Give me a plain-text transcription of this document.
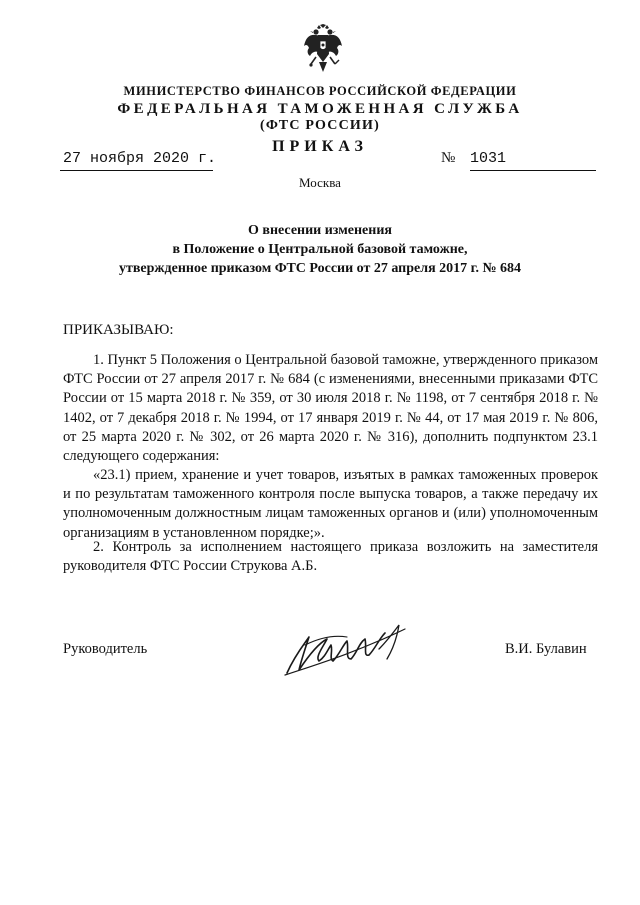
МИНИСТЕРСТВО ФИНАНСОВ РОССИЙСКОЙ ФЕДЕРАЦИИ
ФЕДЕРАЛЬНАЯ ТАМОЖЕННАЯ СЛУЖБА
(ФТС РОССИИ)
ПРИКАЗ
27 ноября 2020 г.	№ 1031
Москва
О внесении изменения
в Положение о Центральной базовой таможне,
утвержденное приказом ФТС России от 27 апреля 2017 г. № 684
ПРИКАЗЫВАЮ:
1. Пункт 5 Положения о Центральной базовой таможне, утвержденного приказом ФТС России от 27 апреля 2017 г. № 684 (с изменениями, внесенными приказами ФТС России от 15 марта 2018 г. № 359, от 30 июля 2018 г. № 1198, от 7 сентября 2018 г. № 1402, от 7 декабря 2018 г. № 1994, от 17 января 2019 г. № 44, от 17 мая 2019 г. № 806, от 25 марта 2020 г. № 302, от 26 марта 2020 г. № 316), дополнить подпунктом 23.1 следующего содержания:
«23.1) прием, хранение и учет товаров, изъятых в рамках таможенных проверок и по результатам таможенного контроля после выпуска товаров, а также передачу их уполномоченным должностным лицам таможенных органов и (или) уполномоченным организациям в установленном порядке;».
2. Контроль за исполнением настоящего приказа возложить на заместителя руководителя ФТС России Струкова А.Б.
Руководитель	В.И. Булавин
